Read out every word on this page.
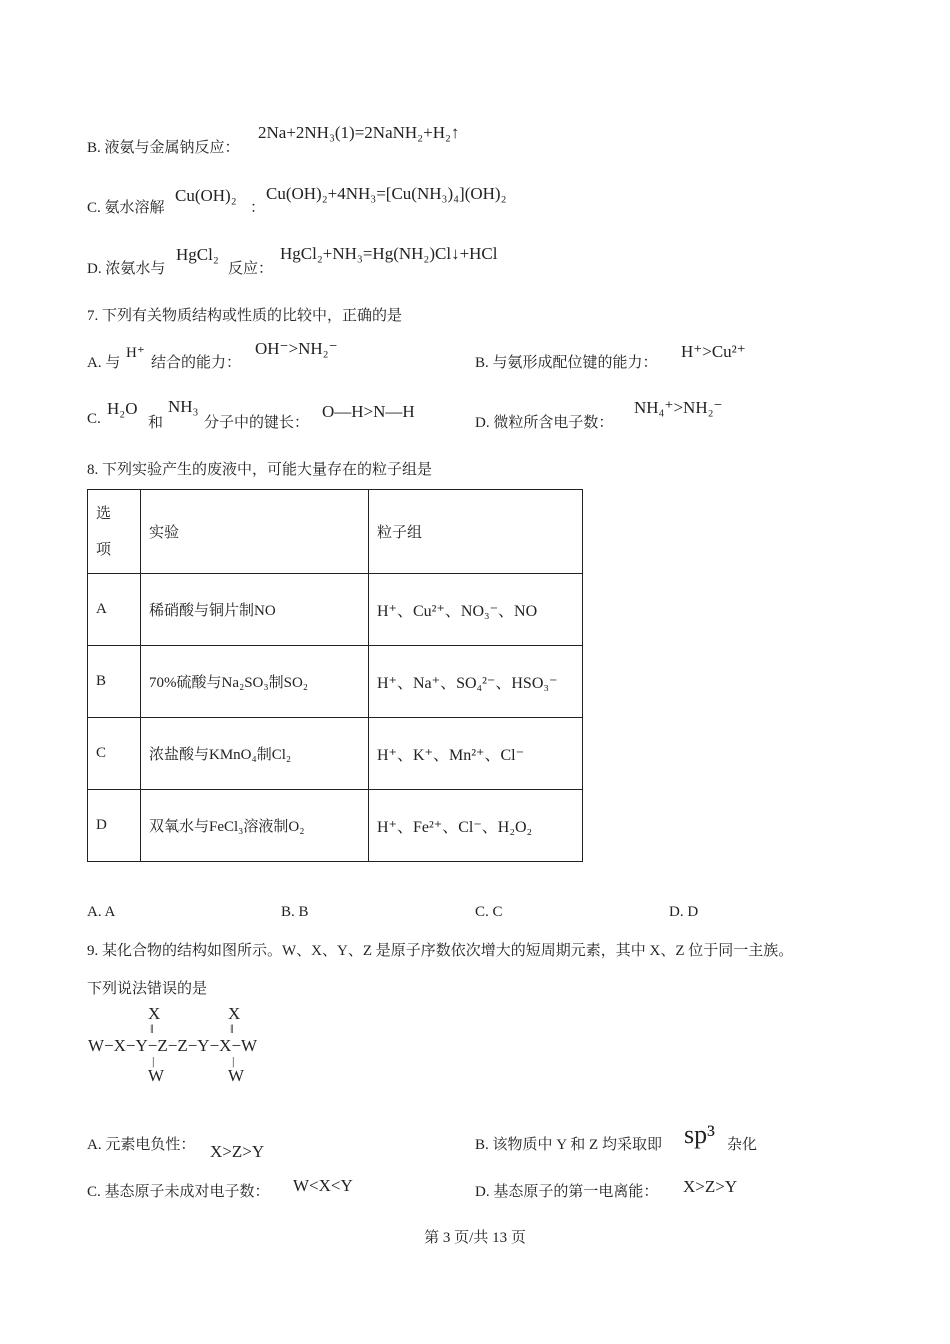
B. 液氨与金属钠反应：
2Na+2NH₃(1)=2NaNH₂+H₂↑
C. 氨水溶解
Cu(OH)₂
：
Cu(OH)₂+4NH₃=[Cu(NH₃)₄](OH)₂
D. 浓氨水与
HgCl₂
反应：
HgCl₂+NH₃=Hg(NH₂)Cl↓+HCl
7. 下列有关物质结构或性质的比较中，正确的是
A. 与
H⁺
结合的能力：
OH⁻>NH₂⁻
B. 与氨形成配位键的能力：
H⁺>Cu²⁺
C.
H₂O
和
NH₃
分子中的键长：
O—H>N—H
D. 微粒所含电子数：
NH₄⁺>NH₂⁻
8. 下列实验产生的废液中，可能大量存在的粒子组是
选项	实验	粒子组
A	稀硝酸与铜片制NO	H⁺、Cu²⁺、NO₃⁻、NO
B	70%硫酸与Na₂SO₃制SO₂	H⁺、Na⁺、SO₄²⁻、HSO₃⁻
C	浓盐酸与KMnO₄制Cl₂	H⁺、K⁺、Mn²⁺、Cl⁻
D	双氧水与FeCl₃溶液制O₂	H⁺、Fe²⁺、Cl⁻、H₂O₂
A. A	B. B	C. C	D. D
9. 某化合物的结构如图所示。W、X、Y、Z 是原子序数依次增大的短周期元素，其中 X、Z 位于同一主族。
下列说法错误的是
X	X
‖	‖
W−X−Y−Z−Z−Y−X−W
|	|
W	W
A. 元素电负性： X>Z>Y	B. 该物质中 Y 和 Z 均采取即 sp³ 杂化
C. 基态原子未成对电子数： W<X<Y	D. 基态原子的第一电离能： X>Z>Y
第 3 页/共 13 页
